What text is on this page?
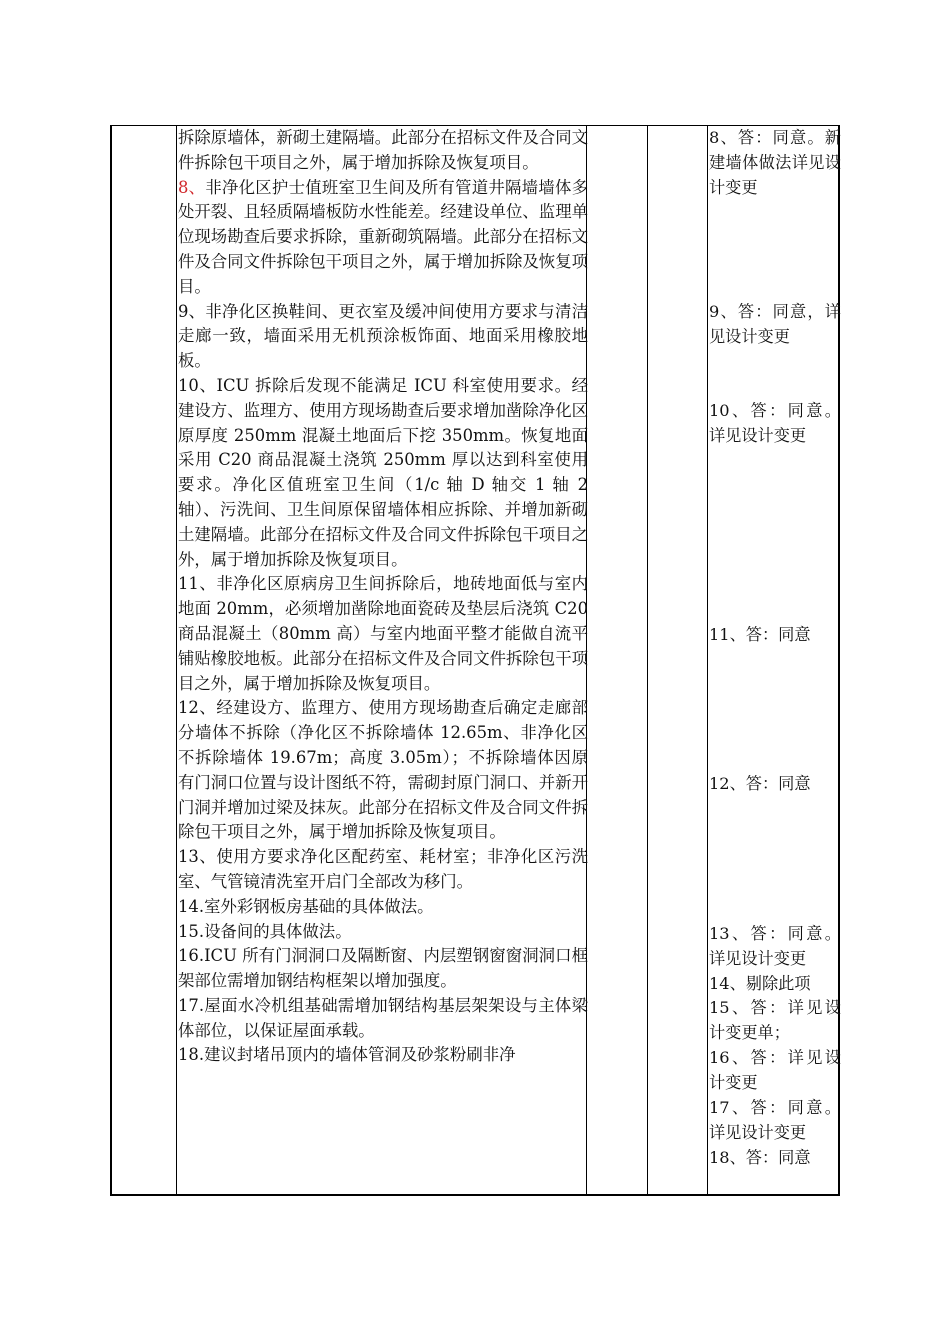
拆除原墙体，新砌土建隔墙。此部分在招标文件及合同文件拆除包干项目之外，属于增加拆除及恢复项目。

8、非净化区护士值班室卫生间及所有管道井隔墙墙体多处开裂、且轻质隔墙板防水性能差。经建设单位、监理单位现场勘查后要求拆除，重新砌筑隔墙。此部分在招标文件及合同文件拆除包干项目之外，属于增加拆除及恢复项目。

9、非净化区换鞋间、更衣室及缓冲间使用方要求与清洁走廊一致，墙面采用无机预涂板饰面、地面采用橡胶地板。

10、ICU 拆除后发现不能满足 ICU 科室使用要求。经建设方、监理方、使用方现场勘查后要求增加凿除净化区原厚度 250mm 混凝土地面后下挖 350mm。恢复地面采用 C20 商品混凝土浇筑 250mm 厚以达到科室使用要求。净化区值班室卫生间（1/c 轴 D 轴交 1 轴 2 轴）、污洗间、卫生间原保留墙体相应拆除、并增加新砌土建隔墙。此部分在招标文件及合同文件拆除包干项目之外，属于增加拆除及恢复项目。

11、非净化区原病房卫生间拆除后，地砖地面低与室内地面 20mm，必须增加凿除地面瓷砖及垫层后浇筑 C20 商品混凝土（80mm 高）与室内地面平整才能做自流平铺贴橡胶地板。此部分在招标文件及合同文件拆除包干项目之外，属于增加拆除及恢复项目。

12、经建设方、监理方、使用方现场勘查后确定走廊部分墙体不拆除（净化区不拆除墙体 12.65m、非净化区不拆除墙体 19.67m；高度 3.05m）；不拆除墙体因原有门洞口位置与设计图纸不符，需砌封原门洞口、并新开门洞并增加过梁及抹灰。此部分在招标文件及合同文件拆除包干项目之外，属于增加拆除及恢复项目。

13、使用方要求净化区配药室、耗材室；非净化区污洗室、气管镜清洗室开启门全部改为移门。

14.室外彩钢板房基础的具体做法。

15.设备间的具体做法。

16.ICU 所有门洞洞口及隔断窗、内层塑钢窗窗洞洞口框架部位需增加钢结构框架以增加强度。

17.屋面水冷机组基础需增加钢结构基层架架设与主体梁体部位，以保证屋面承载。

18.建议封堵吊顶内的墙体管洞及砂浆粉刷非净

8、答：同意。新建墙体做法详见设计变更

9、答：同意，详见设计变更

10、答：同意。详见设计变更

11、答：同意

12、答：同意

13、答：同意。详见设计变更

14、剔除此项

15、答：详见设计变更单；

16、答：详见设计变更

17、答：同意。详见设计变更

18、答：同意
